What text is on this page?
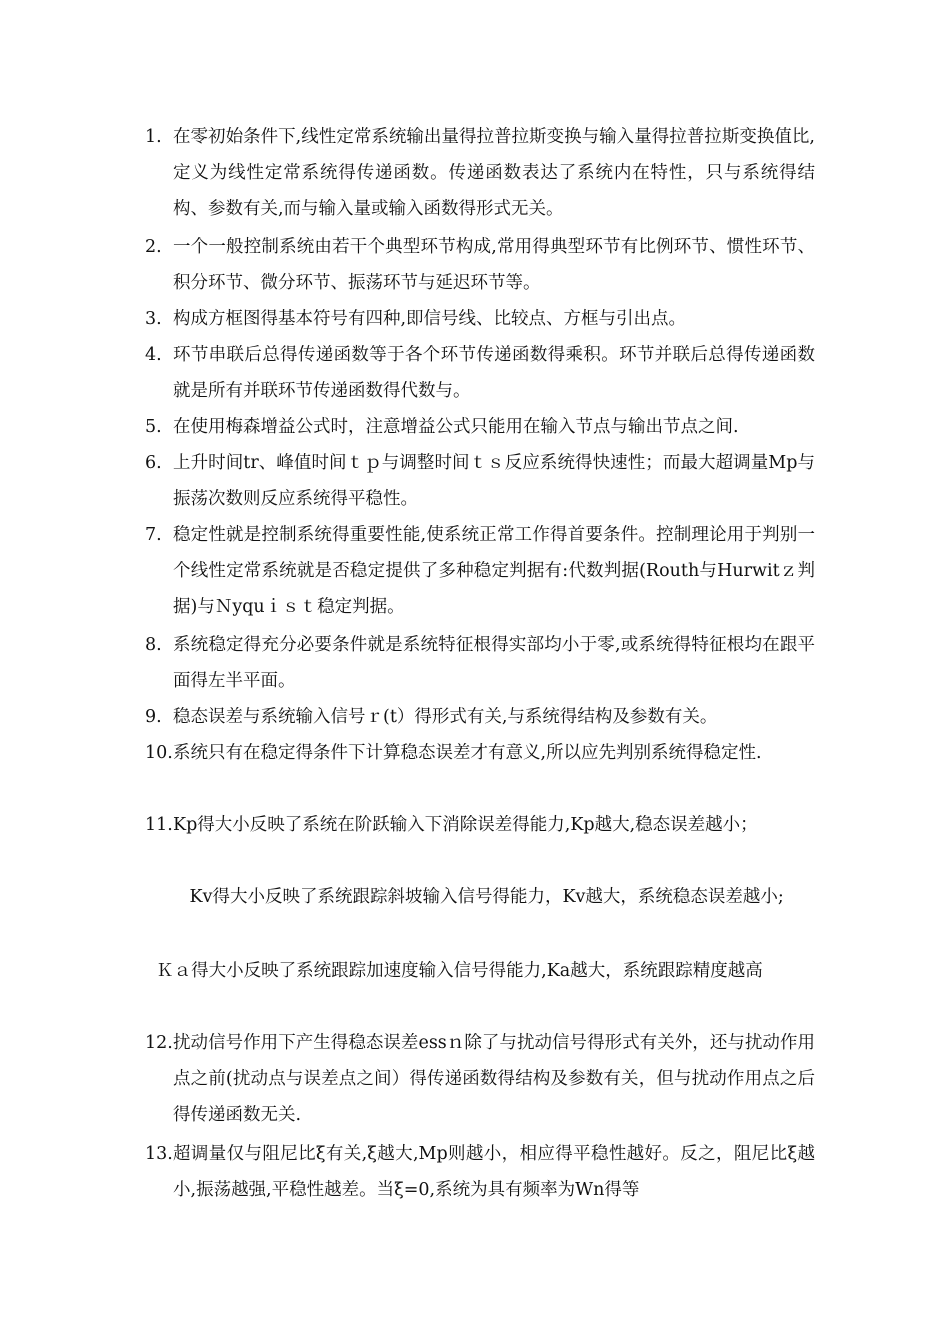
1. 在零初始条件下,线性定常系统输出量得拉普拉斯变换与输入量得拉普拉斯变换值比,定义为线性定常系统得传递函数。传递函数表达了系统内在特性，只与系统得结构、参数有关,而与输入量或输入函数得形式无关。
2. 一个一般控制系统由若干个典型环节构成,常用得典型环节有比例环节、惯性环节、积分环节、微分环节、振荡环节与延迟环节等。
3. 构成方框图得基本符号有四种,即信号线、比较点、方框与引出点。
4. 环节串联后总得传递函数等于各个环节传递函数得乘积。环节并联后总得传递函数就是所有并联环节传递函数得代数与。
5. 在使用梅森增益公式时，注意增益公式只能用在输入节点与输出节点之间.
6. 上升时间tr、峰值时间ｔｐ与调整时间ｔｓ反应系统得快速性；而最大超调量Mp与振荡次数则反应系统得平稳性。
7. 稳定性就是控制系统得重要性能,使系统正常工作得首要条件。控制理论用于判别一个线性定常系统就是否稳定提供了多种稳定判据有:代数判据(Routh与Hurwitｚ判据)与Ｎyquｉｓｔ稳定判据。
8. 系统稳定得充分必要条件就是系统特征根得实部均小于零,或系统得特征根均在跟平面得左半平面。
9. 稳态误差与系统输入信号ｒ(t）得形式有关,与系统得结构及参数有关。
10. 系统只有在稳定得条件下计算稳态误差才有意义,所以应先判别系统得稳定性.
11. Kp得大小反映了系统在阶跃输入下消除误差得能力,Kp越大,稳态误差越小；
Kv得大小反映了系统跟踪斜坡输入信号得能力，Kv越大，系统稳态误差越小;
Ｋａ得大小反映了系统跟踪加速度输入信号得能力,Ka越大，系统跟踪精度越高
12. 扰动信号作用下产生得稳态误差essｎ除了与扰动信号得形式有关外，还与扰动作用点之前(扰动点与误差点之间）得传递函数得结构及参数有关，但与扰动作用点之后得传递函数无关.
13. 超调量仅与阻尼比ξ有关,ξ越大,Mp则越小，相应得平稳性越好。反之，阻尼比ξ越小,振荡越强,平稳性越差。当ξ=0,系统为具有频率为Wn得等
